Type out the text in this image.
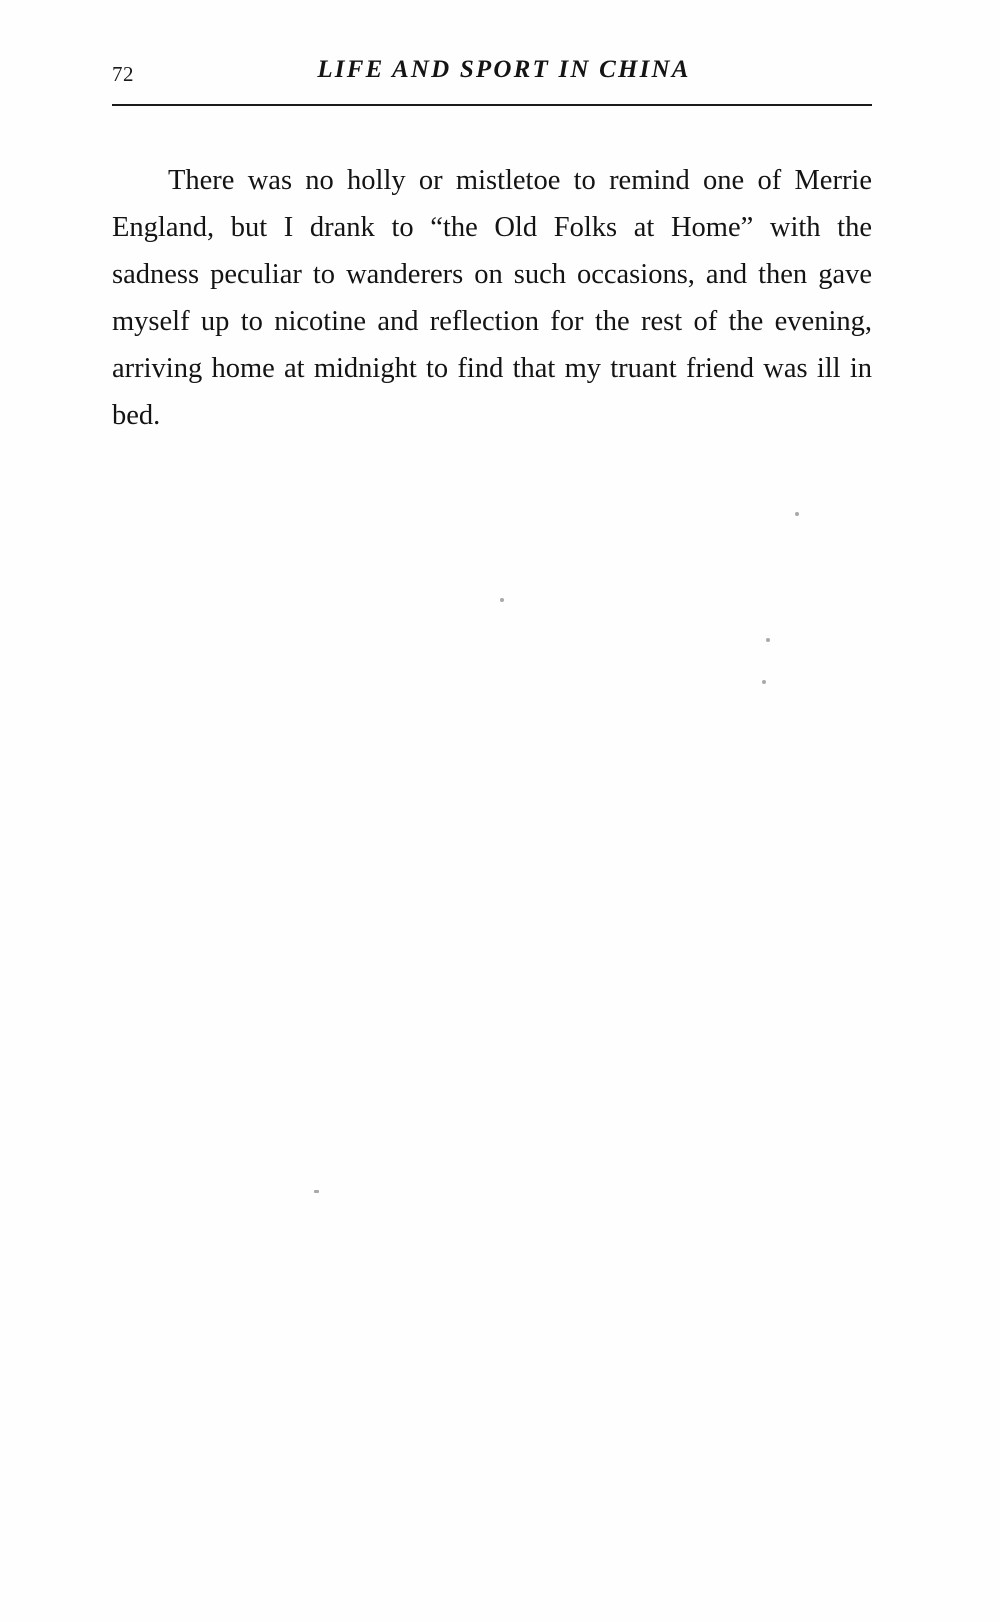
72	LIFE AND SPORT IN CHINA

There was no holly or mistletoe to remind one of Merrie England, but I drank to “the Old Folks at Home” with the sadness peculiar to wanderers on such occasions, and then gave myself up to nicotine and reflection for the rest of the evening, arriving home at midnight to find that my truant friend was ill in bed.
